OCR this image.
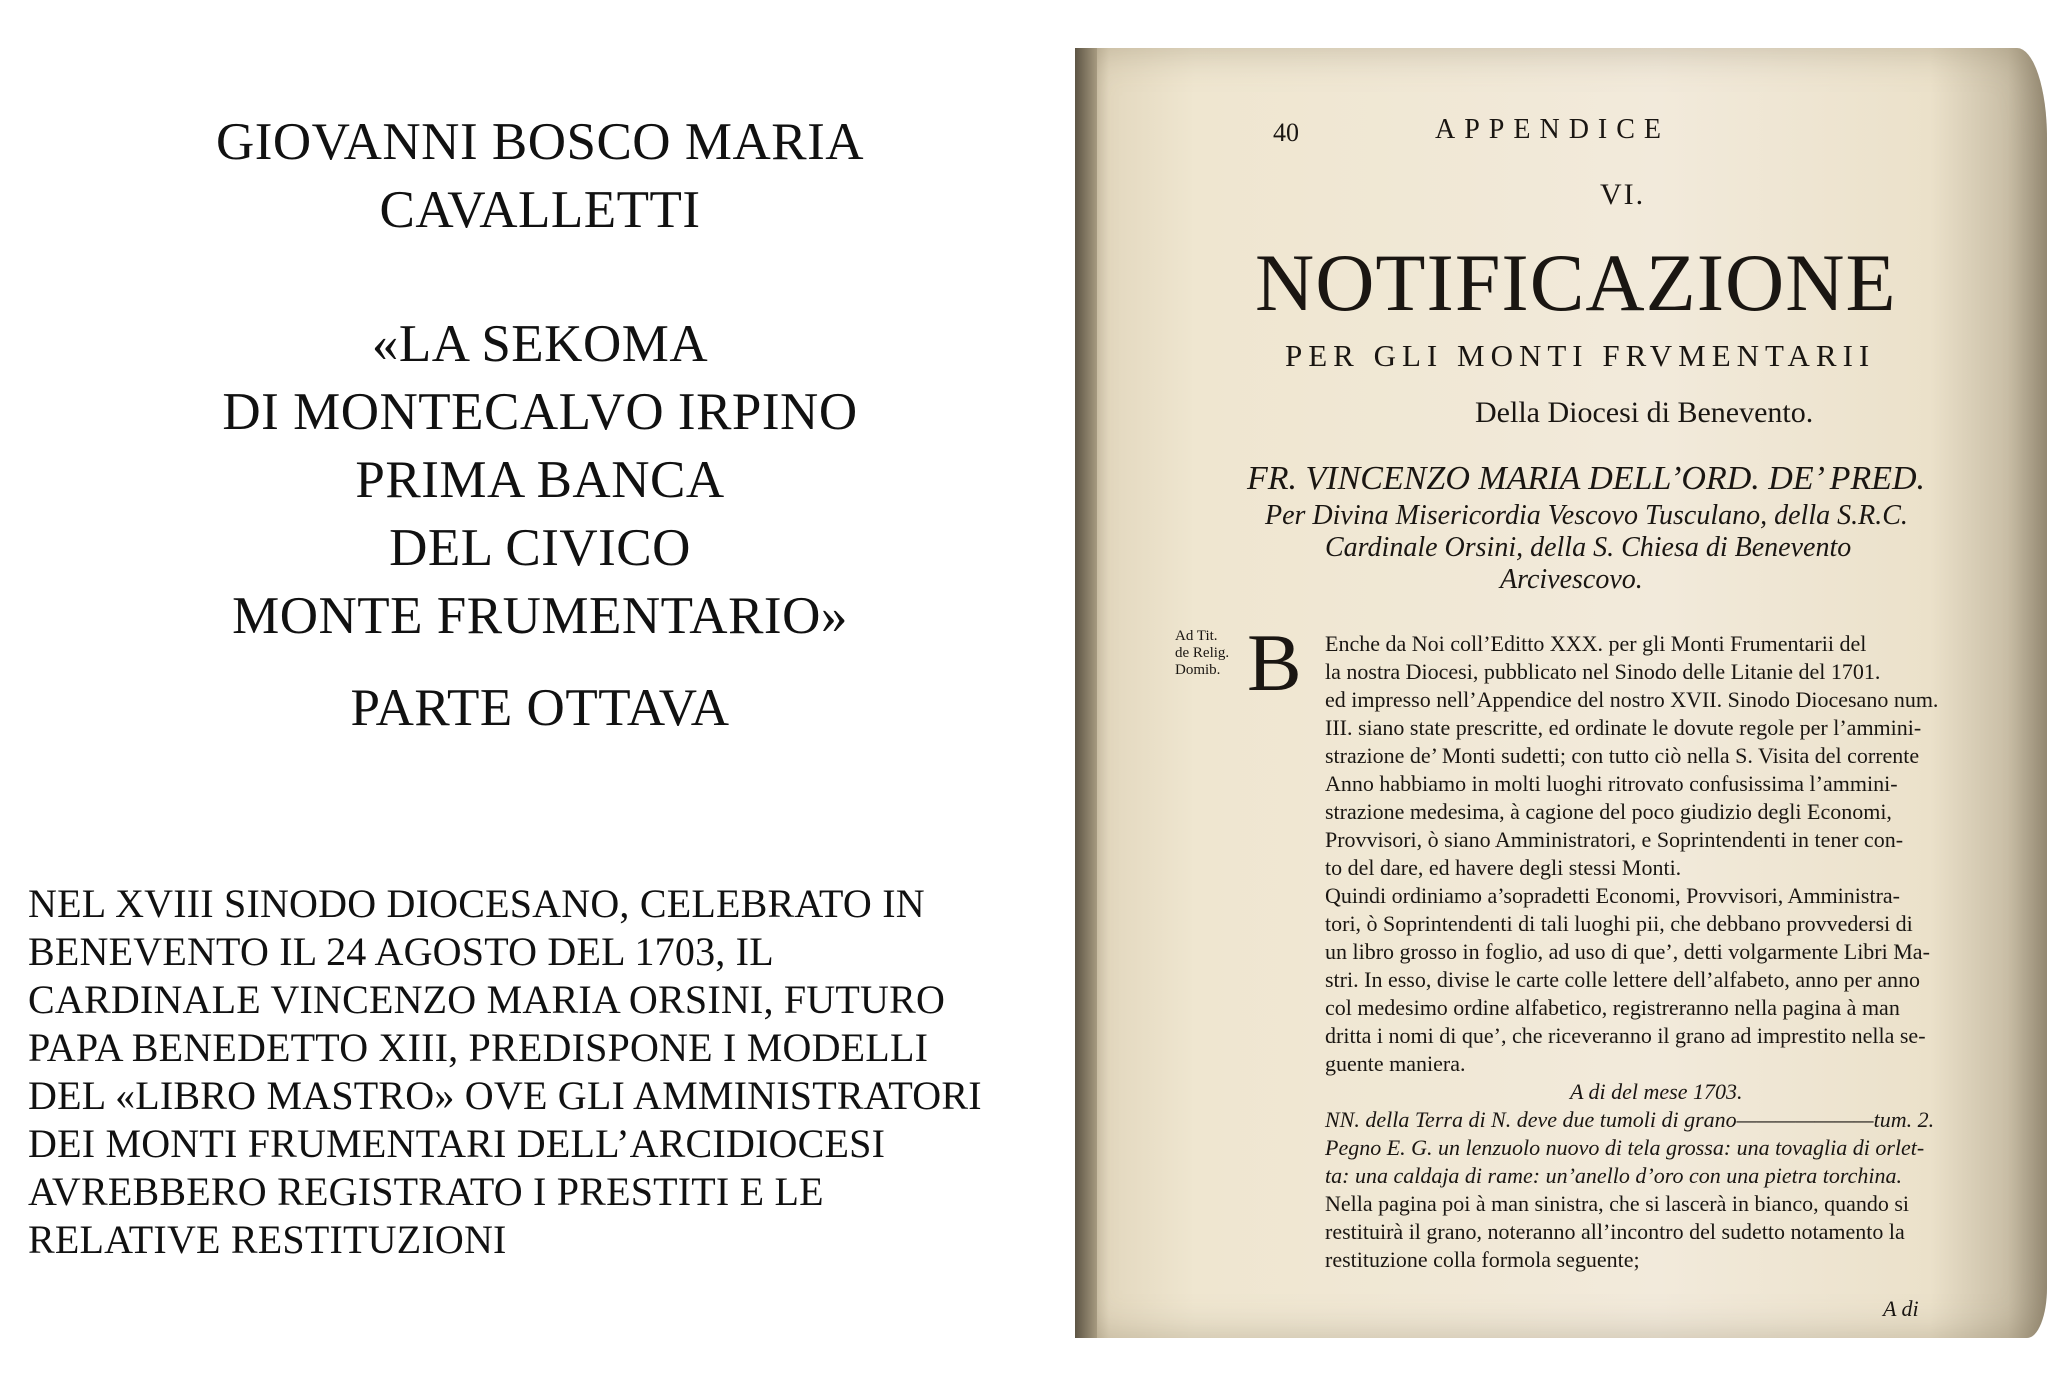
GIOVANNI BOSCO MARIA
CAVALLETTI
«LA SEKOMA
DI MONTECALVO IRPINO
PRIMA BANCA
DEL CIVICO
MONTE FRUMENTARIO»
PARTE OTTAVA
NEL XVIII SINODO DIOCESANO, CELEBRATO IN
BENEVENTO IL 24 AGOSTO DEL 1703, IL
CARDINALE VINCENZO MARIA ORSINI, FUTURO
PAPA BENEDETTO XIII, PREDISPONE I MODELLI
DEL «LIBRO MASTRO» OVE GLI AMMINISTRATORI
DEI MONTI FRUMENTARI DELL’ARCIDIOCESI
AVREBBERO REGISTRATO I PRESTITI E LE
RELATIVE RESTITUZIONI
40	APPENDICE
VI.
NOTIFICAZIONE
PER GLI MONTI FRVMENTARII
Della Diocesi di Benevento.
FR. VINCENZO MARIA DELL’ORD. DE’ PRED.
Per Divina Misericordia Vescovo Tusculano, della S.R.C.
Cardinale Orsini, della S. Chiesa di Benevento
Arcivescovo.
Ad Tit.
de Relig.
Domib. B	Enche da Noi coll’Editto XXX. per gli Monti Frumentarii del
la nostra Diocesi, pubblicato nel Sinodo delle Litanie del 1701.
ed impresso nell’Appendice del nostro XVII. Sinodo Diocesano num.
III. siano state prescritte, ed ordinate le dovute regole per l’ammini-
strazione de’ Monti sudetti; con tutto ciò nella S. Visita del corrente
Anno habbiamo in molti luoghi ritrovato confusissima l’ammini-
strazione medesima, à cagione del poco giudizio degli Economi,
Provvisori, ò siano Amministratori, e Soprintendenti in tener con-
to del dare, ed havere degli stessi Monti.
Quindi ordiniamo a’sopradetti Economi, Provvisori, Amministra-
tori, ò Soprintendenti di tali luoghi pii, che debbano provvedersi di
un libro grosso in foglio, ad uso di que’, detti volgarmente Libri Ma-
stri. In esso, divise le carte colle lettere dell’alfabeto, anno per anno
col medesimo ordine alfabetico, registreranno nella pagina à man
dritta i nomi di que’, che riceveranno il grano ad imprestito nella se-
guente maniera.
A di del mese 1703.
NN. della Terra di N. deve due tumoli di grano———————tum. 2.
Pegno E. G. un lenzuolo nuovo di tela grossa: una tovaglia di orlet-
ta: una caldaja di rame: un’anello d’oro con una pietra torchina.
Nella pagina poi à man sinistra, che si lascerà in bianco, quando si
restituirà il grano, noteranno all’incontro del sudetto notamento la
restituzione colla formola seguente;
A di
